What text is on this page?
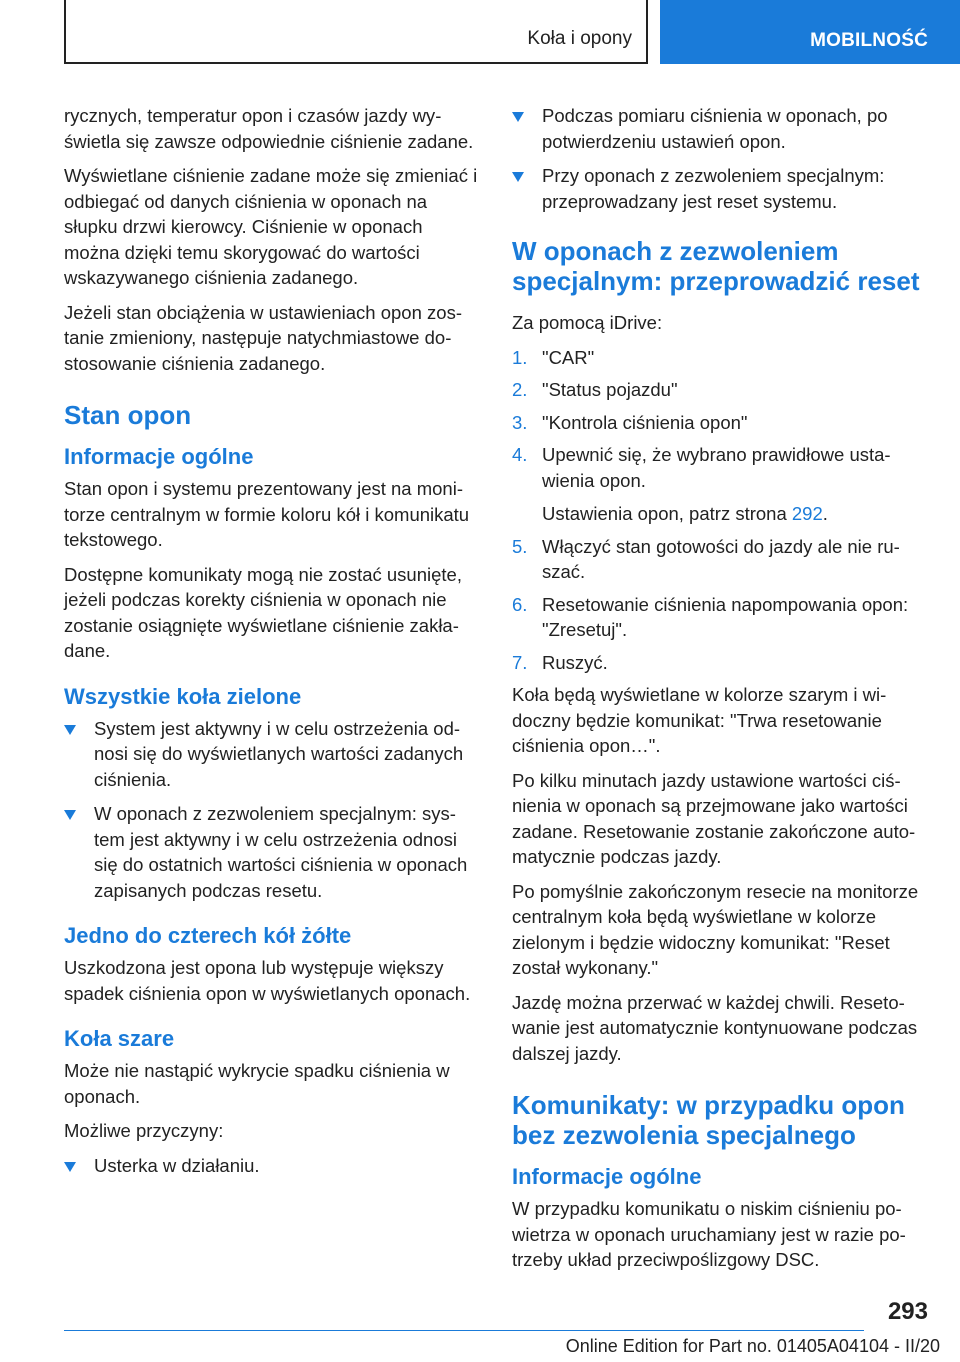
Koła i opony	MOBILNOŚĆ

rycznych, temperatur opon i czasów jazdy wyświetla się zawsze odpowiednie ciśnienie zadane.

Wyświetlane ciśnienie zadane może się zmieniać i odbiegać od danych ciśnienia w oponach na słupku drzwi kierowcy. Ciśnienie w oponach można dzięki temu skorygować do wartości wskazywanego ciśnienia zadanego.

Jeżeli stan obciążenia w ustawieniach opon zostanie zmieniony, następuje natychmiastowe dostosowanie ciśnienia zadanego.

Stan opon
Informacje ogólne

Stan opon i systemu prezentowany jest na monitorze centralnym w formie koloru kół i komunikatu tekstowego.

Dostępne komunikaty mogą nie zostać usunięte, jeżeli podczas korekty ciśnienia w oponach nie zostanie osiągnięte wyświetlane ciśnienie zakładane.

Wszystkie koła zielone
System jest aktywny i w celu ostrzeżenia odnosi się do wyświetlanych wartości zadanych ciśnienia.
W oponach z zezwoleniem specjalnym: system jest aktywny i w celu ostrzeżenia odnosi się do ostatnich wartości ciśnienia w oponach zapisanych podczas resetu.
Jedno do czterech kół żółte

Uszkodzona jest opona lub występuje większy spadek ciśnienia opon w wyświetlanych oponach.

Koła szare

Może nie nastąpić wykrycie spadku ciśnienia w oponach.

Możliwe przyczyny:

Usterka w działaniu.
Podczas pomiaru ciśnienia w oponach, po potwierdzeniu ustawień opon.
Przy oponach z zezwoleniem specjalnym: przeprowadzany jest reset systemu.
W oponach z zezwoleniem specjalnym: przeprowadzić reset

Za pomocą iDrive:

1. "CAR"
2. "Status pojazdu"
3. "Kontrola ciśnienia opon"
4. Upewnić się, że wybrano prawidłowe ustawienia opon.
Ustawienia opon, patrz strona 292.
5. Włączyć stan gotowości do jazdy ale nie ruszać.
6. Resetowanie ciśnienia napompowania opon: "Zresetuj".
7. Ruszyć.

Koła będą wyświetlane w kolorze szarym i widoczny będzie komunikat: "Trwa resetowanie ciśnienia opon…".

Po kilku minutach jazdy ustawione wartości ciśnienia w oponach są przejmowane jako wartości zadane. Resetowanie zostanie zakończone automatycznie podczas jazdy.

Po pomyślnie zakończonym resecie na monitorze centralnym koła będą wyświetlane w kolorze zielonym i będzie widoczny komunikat: "Reset został wykonany."

Jazdę można przerwać w każdej chwili. Resetowanie jest automatycznie kontynuowane podczas dalszej jazdy.

Komunikaty: w przypadku opon bez zezwolenia specjalnego
Informacje ogólne

W przypadku komunikatu o niskim ciśnieniu powietrza w oponach uruchamiany jest w razie potrzeby układ przeciwpoślizgowy DSC.

293
Online Edition for Part no. 01405A04104 - II/20
